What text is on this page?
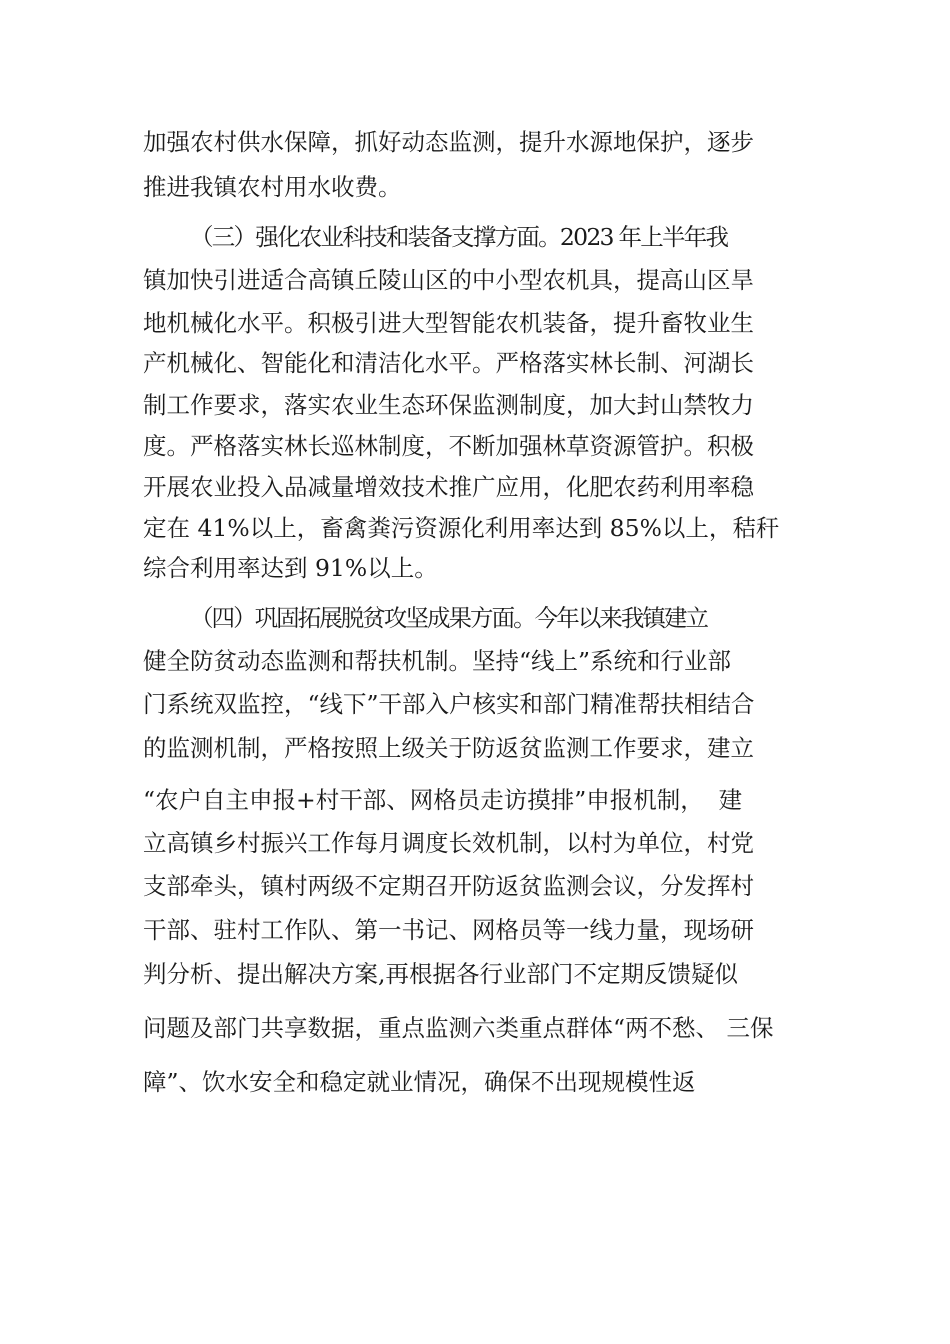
加强农村供水保障，抓好动态监测，提升水源地保护，逐步
推进我镇农村用水收费。
（三）强化农业科技和装备支撑方面。2023 年上半年我
镇加快引进适合高镇丘陵山区的中小型农机具，提高山区旱
地机械化水平。积极引进大型智能农机装备，提升畜牧业生
产机械化、智能化和清洁化水平。严格落实林长制、河湖长
制工作要求，落实农业生态环保监测制度，加大封山禁牧力
度。严格落实林长巡林制度，不断加强林草资源管护。积极
开展农业投入品减量增效技术推广应用，化肥农药利用率稳
定在 41%以上，畜禽粪污资源化利用率达到 85%以上，秸秆
综合利用率达到 91%以上。
（四）巩固拓展脱贫攻坚成果方面。今年以来我镇建立
健全防贫动态监测和帮扶机制。坚持“线上”系统和行业部
门系统双监控，“线下”干部入户核实和部门精准帮扶相结合
的监测机制，严格按照上级关于防返贫监测工作要求，建立
“农户自主申报+村干部、网格员走访摸排”申报机制，  建
立高镇乡村振兴工作每月调度长效机制，以村为单位，村党
支部牵头，镇村两级不定期召开防返贫监测会议，分发挥村
干部、驻村工作队、第一书记、网格员等一线力量，现场研
判分析、提出解决方案,再根据各行业部门不定期反馈疑似
问题及部门共享数据，重点监测六类重点群体“两不愁、 三保
障”、饮水安全和稳定就业情况，确保不出现规模性返
